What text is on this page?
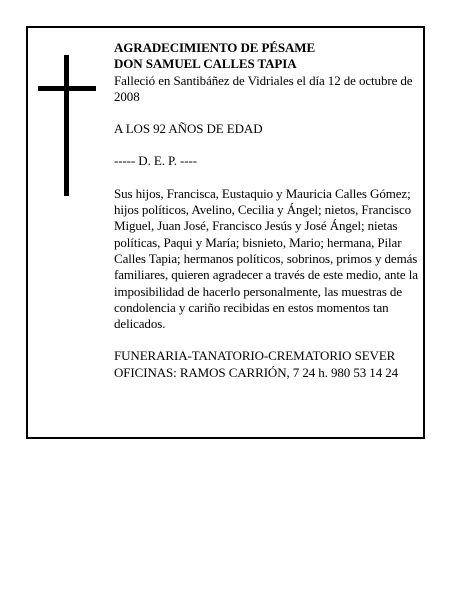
AGRADECIMIENTO DE PÉSAME

DON SAMUEL CALLES TAPIA

Falleció en Santibáñez de Vidriales el día 12 de octubre de 2008

A LOS 92 AÑOS DE EDAD

----- D. E. P. ----

Sus hijos, Francisca, Eustaquio y Mauricia Calles Gómez; hijos políticos, Avelino, Cecilia y Ángel; nietos, Francisco Miguel, Juan José, Francisco Jesús y José Ángel; nietas políticas, Paqui y María; bisnieto, Mario; hermana, Pilar Calles Tapia; hermanos políticos, sobrinos, primos y demás familiares, quieren agradecer a través de este medio, ante la imposibilidad de hacerlo personalmente, las muestras de condolencia y cariño recibidas en estos momentos tan delicados.

FUNERARIA-TANATORIO-CREMATORIO SEVER

OFICINAS: RAMOS CARRIÓN, 7 24 h. 980 53 14 24
